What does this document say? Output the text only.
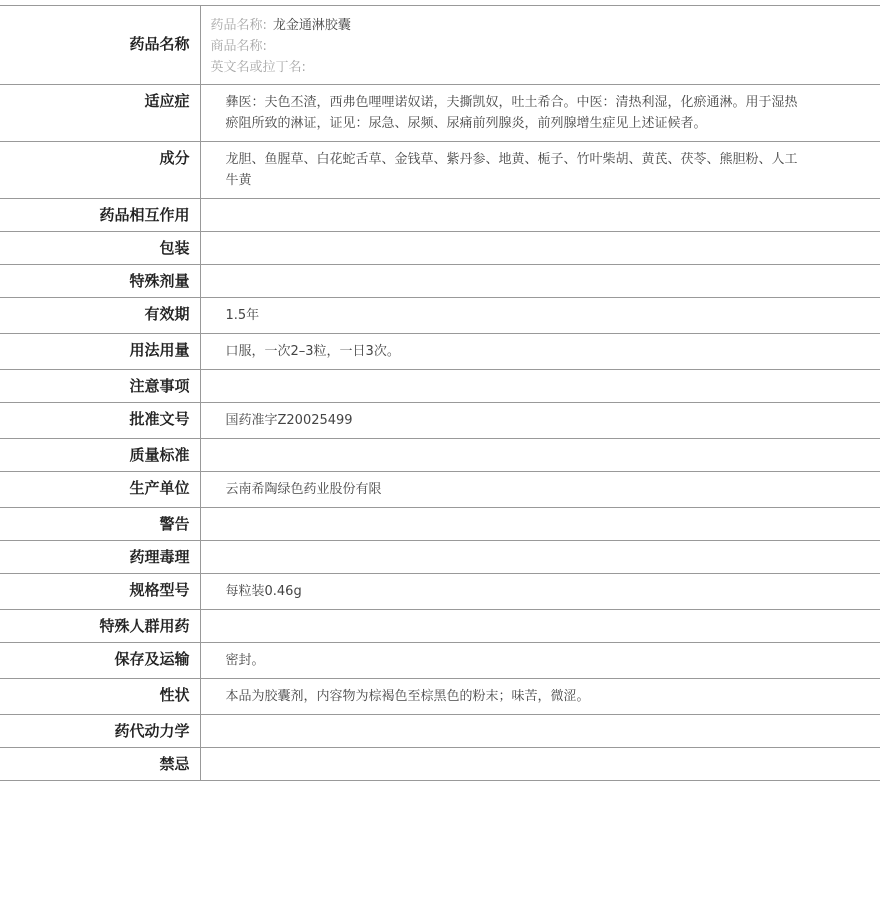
药品名称	药品名称: 龙金通淋胶囊
商品名称:
英文名或拉丁名:

适应症	彝医：夫色丕渣，西弗色哩哩诺奴诺，夫撕凯奴，吐土希合。中医：清热利湿，化瘀通淋。用于湿热瘀阻所致的淋证，证见：尿急、尿频、尿痛前列腺炎，前列腺增生症见上述证候者。

成分	龙胆、鱼腥草、白花蛇舌草、金钱草、紫丹参、地黄、栀子、竹叶柴胡、黄芪、茯苓、熊胆粉、人工牛黄

药品相互作用	

包装	

特殊剂量	

有效期	1.5年

用法用量	口服，一次2–3粒，一日3次。

注意事项	

批准文号	国药准字Z20025499

质量标准	

生产单位	云南希陶绿色药业股份有限

警告	

药理毒理	

规格型号	每粒装0.46g

特殊人群用药	

保存及运输	密封。

性状	本品为胶囊剂，内容物为棕褐色至棕黑色的粉末；味苦，微涩。

药代动力学	

禁忌	
